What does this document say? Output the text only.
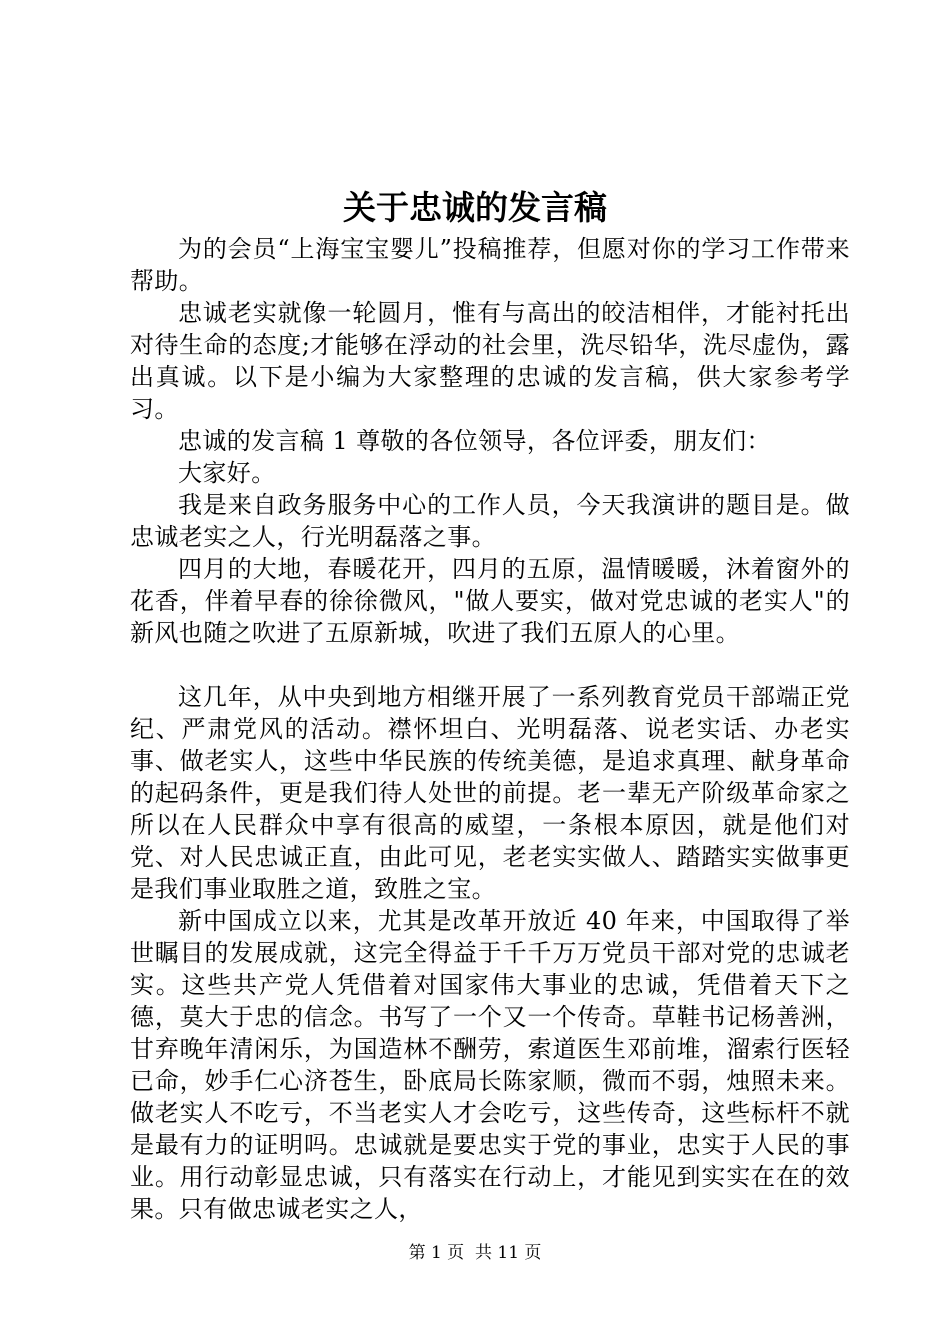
关于忠诚的发言稿

为的会员“上海宝宝婴儿”投稿推荐，但愿对你的学习工作带来帮助。

忠诚老实就像一轮圆月，惟有与高出的皎洁相伴，才能衬托出对待生命的态度;才能够在浮动的社会里，洗尽铅华，洗尽虚伪，露出真诚。以下是小编为大家整理的忠诚的发言稿，供大家参考学习。

忠诚的发言稿 1 尊敬的各位领导，各位评委，朋友们：

大家好。

我是来自政务服务中心的工作人员，今天我演讲的题目是。做忠诚老实之人，行光明磊落之事。

四月的大地，春暖花开，四月的五原，温情暖暖，沐着窗外的花香，伴着早春的徐徐微风，"做人要实，做对党忠诚的老实人"的新风也随之吹进了五原新城，吹进了我们五原人的心里。

这几年，从中央到地方相继开展了一系列教育党员干部端正党纪、严肃党风的活动。襟怀坦白、光明磊落、说老实话、办老实事、做老实人，这些中华民族的传统美德，是追求真理、献身革命的起码条件，更是我们待人处世的前提。老一辈无产阶级革命家之所以在人民群众中享有很高的威望，一条根本原因，就是他们对党、对人民忠诚正直，由此可见，老老实实做人、踏踏实实做事更是我们事业取胜之道，致胜之宝。

新中国成立以来，尤其是改革开放近 40 年来，中国取得了举世瞩目的发展成就，这完全得益于千千万万党员干部对党的忠诚老实。这些共产党人凭借着对国家伟大事业的忠诚，凭借着天下之德，莫大于忠的信念。书写了一个又一个传奇。草鞋书记杨善洲，甘弃晚年清闲乐，为国造林不酬劳，索道医生邓前堆，溜索行医轻已命，妙手仁心济苍生，卧底局长陈家顺，微而不弱，烛照未来。做老实人不吃亏，不当老实人才会吃亏，这些传奇，这些标杆不就是最有力的证明吗。忠诚就是要忠实于党的事业，忠实于人民的事业。用行动彰显忠诚，只有落实在行动上，才能见到实实在在的效果。只有做忠诚老实之人，

第 1 页  共 11 页
